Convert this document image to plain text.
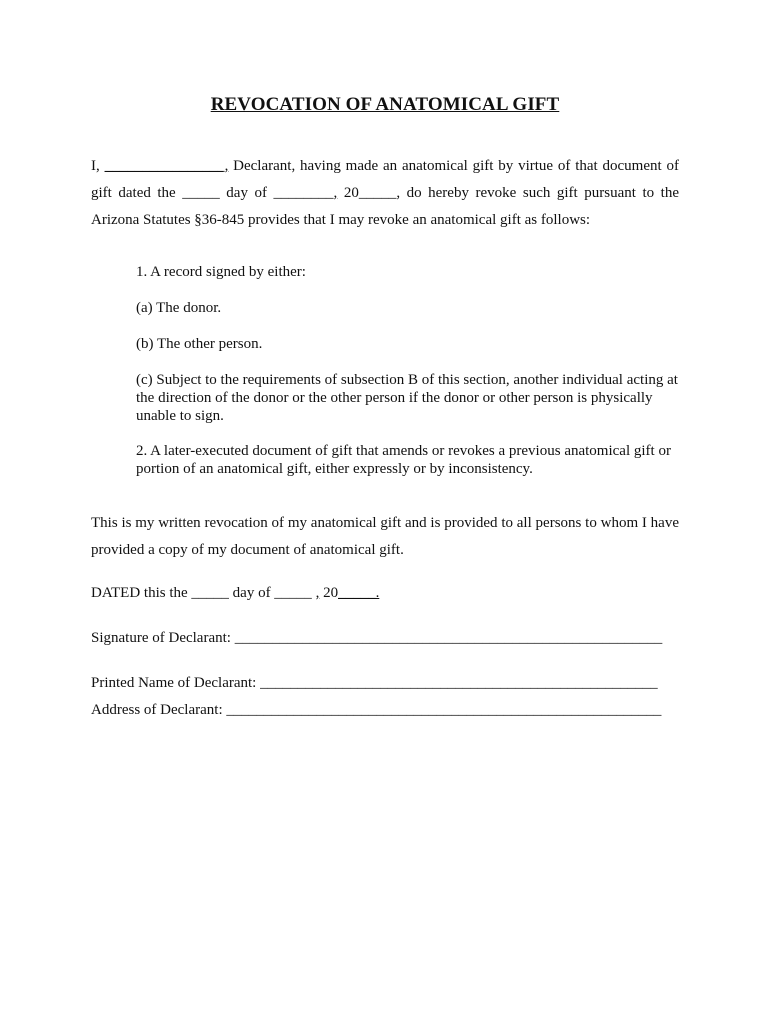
REVOCATION OF ANATOMICAL GIFT
I, ________________, Declarant, having made an anatomical gift by virtue of that document of gift dated the _____ day of ________, 20_____, do hereby revoke such gift pursuant to the Arizona Statutes §36-845 provides that I may revoke an anatomical gift as follows:
1. A record signed by either:
(a) The donor.
(b) The other person.
(c) Subject to the requirements of subsection B of this section, another individual acting at the direction of the donor or the other person if the donor or other person is physically unable to sign.
2. A later-executed document of gift that amends or revokes a previous anatomical gift or portion of an anatomical gift, either expressly or by inconsistency.
This is my written revocation of my anatomical gift and is provided to all persons to whom I have provided a copy of my document of anatomical gift.
DATED this the _____ day of _____ , 20_____.
Signature of Declarant: _________________________________________________________
Printed Name of Declarant: _____________________________________________________
Address of Declarant: __________________________________________________________
